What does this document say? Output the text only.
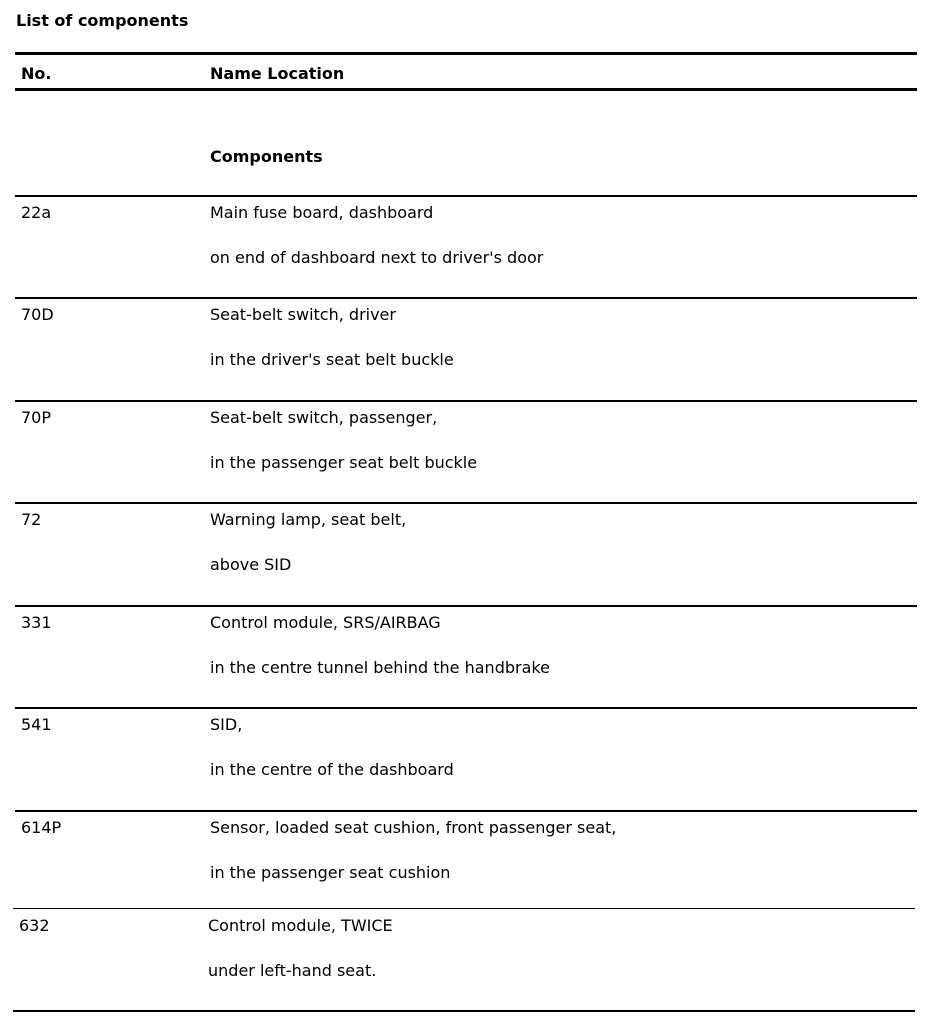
List of components
No.	Name Location
Components
22a	Main fuse board, dashboard
on end of dashboard next to driver's door
70D	Seat-belt switch, driver
in the driver's seat belt buckle
70P	Seat-belt switch, passenger,
in the passenger seat belt buckle
72	Warning lamp, seat belt,
above SID
331	Control module, SRS/AIRBAG
in the centre tunnel behind the handbrake
541	SID,
in the centre of the dashboard
614P	Sensor, loaded seat cushion, front passenger seat,
in the passenger seat cushion
632	Control module, TWICE
under left-hand seat.
